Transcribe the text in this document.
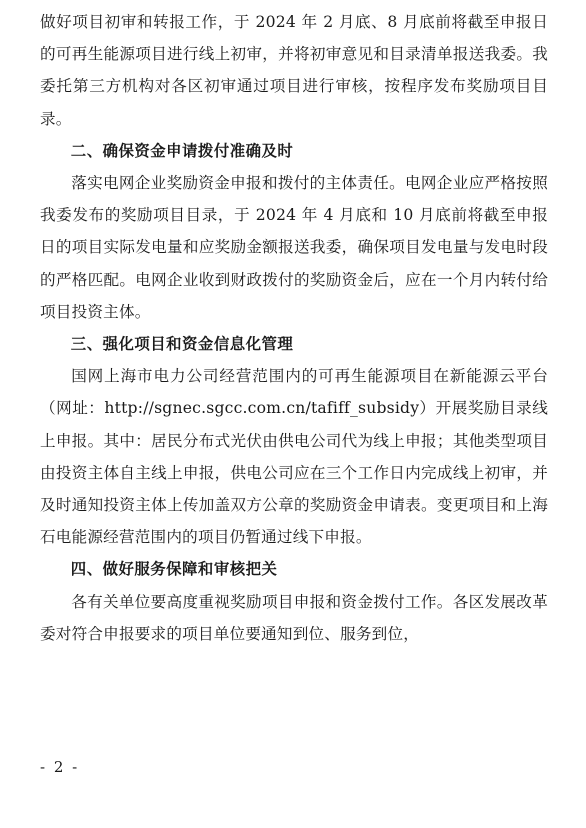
做好项目初审和转报工作，于 2024 年 2 月底、8 月底前将截至申报日的可再生能源项目进行线上初审，并将初审意见和目录清单报送我委。我委托第三方机构对各区初审通过项目进行审核，按程序发布奖励项目目录。

二、确保资金申请拨付准确及时

落实电网企业奖励资金申报和拨付的主体责任。电网企业应严格按照我委发布的奖励项目目录，于 2024 年 4 月底和 10 月底前将截至申报日的项目实际发电量和应奖励金额报送我委，确保项目发电量与发电时段的严格匹配。电网企业收到财政拨付的奖励资金后，应在一个月内转付给项目投资主体。

三、强化项目和资金信息化管理

国网上海市电力公司经营范围内的可再生能源项目在新能源云平台（网址：http://sgnec.sgcc.com.cn/tafiff_subsidy）开展奖励目录线上申报。其中：居民分布式光伏由供电公司代为线上申报；其他类型项目由投资主体自主线上申报，供电公司应在三个工作日内完成线上初审，并及时通知投资主体上传加盖双方公章的奖励资金申请表。变更项目和上海石电能源经营范围内的项目仍暂通过线下申报。

四、做好服务保障和审核把关

各有关单位要高度重视奖励项目申报和资金拨付工作。各区发展改革委对符合申报要求的项目单位要通知到位、服务到位，

- 2 -
